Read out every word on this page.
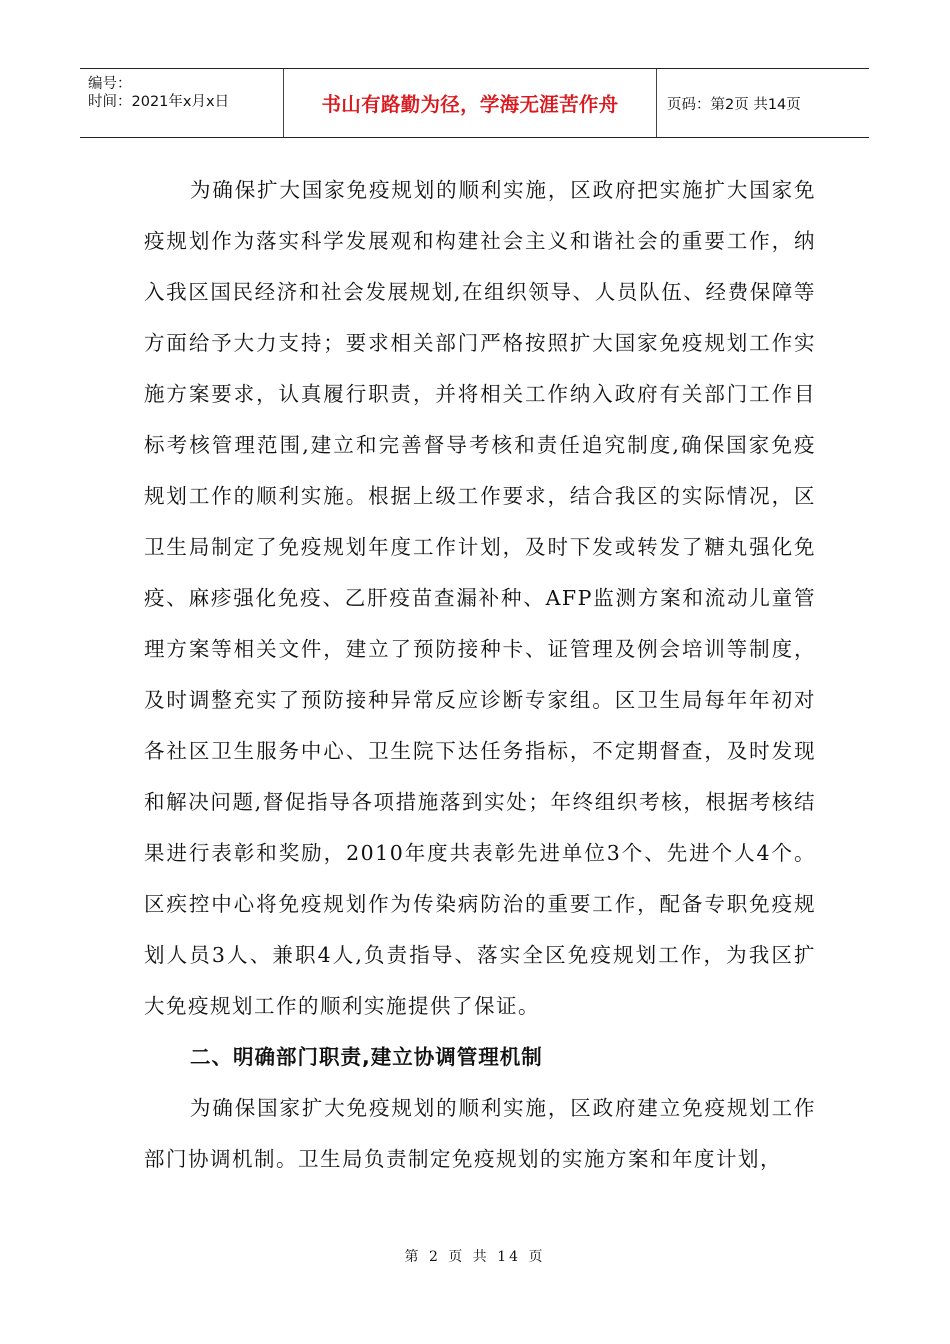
编号：
时间：2021年x月x日	书山有路勤为径，学海无涯苦作舟	页码：第2页 共14页

为确保扩大国家免疫规划的顺利实施，区政府把实施扩大国家免疫规划作为落实科学发展观和构建社会主义和谐社会的重要工作，纳入我区国民经济和社会发展规划,在组织领导、人员队伍、经费保障等方面给予大力支持；要求相关部门严格按照扩大国家免疫规划工作实施方案要求，认真履行职责，并将相关工作纳入政府有关部门工作目标考核管理范围,建立和完善督导考核和责任追究制度,确保国家免疫规划工作的顺利实施。根据上级工作要求，结合我区的实际情况，区卫生局制定了免疫规划年度工作计划，及时下发或转发了糖丸强化免疫、麻疹强化免疫、乙肝疫苗查漏补种、AFP监测方案和流动儿童管理方案等相关文件，建立了预防接种卡、证管理及例会培训等制度，及时调整充实了预防接种异常反应诊断专家组。区卫生局每年年初对各社区卫生服务中心、卫生院下达任务指标，不定期督查，及时发现和解决问题,督促指导各项措施落到实处；年终组织考核，根据考核结果进行表彰和奖励，2010年度共表彰先进单位3个、先进个人4个。区疾控中心将免疫规划作为传染病防治的重要工作，配备专职免疫规划人员3人、兼职4人,负责指导、落实全区免疫规划工作，为我区扩大免疫规划工作的顺利实施提供了保证。

二、明确部门职责,建立协调管理机制

为确保国家扩大免疫规划的顺利实施，区政府建立免疫规划工作部门协调机制。卫生局负责制定免疫规划的实施方案和年度计划，

第 2 页 共 14 页
